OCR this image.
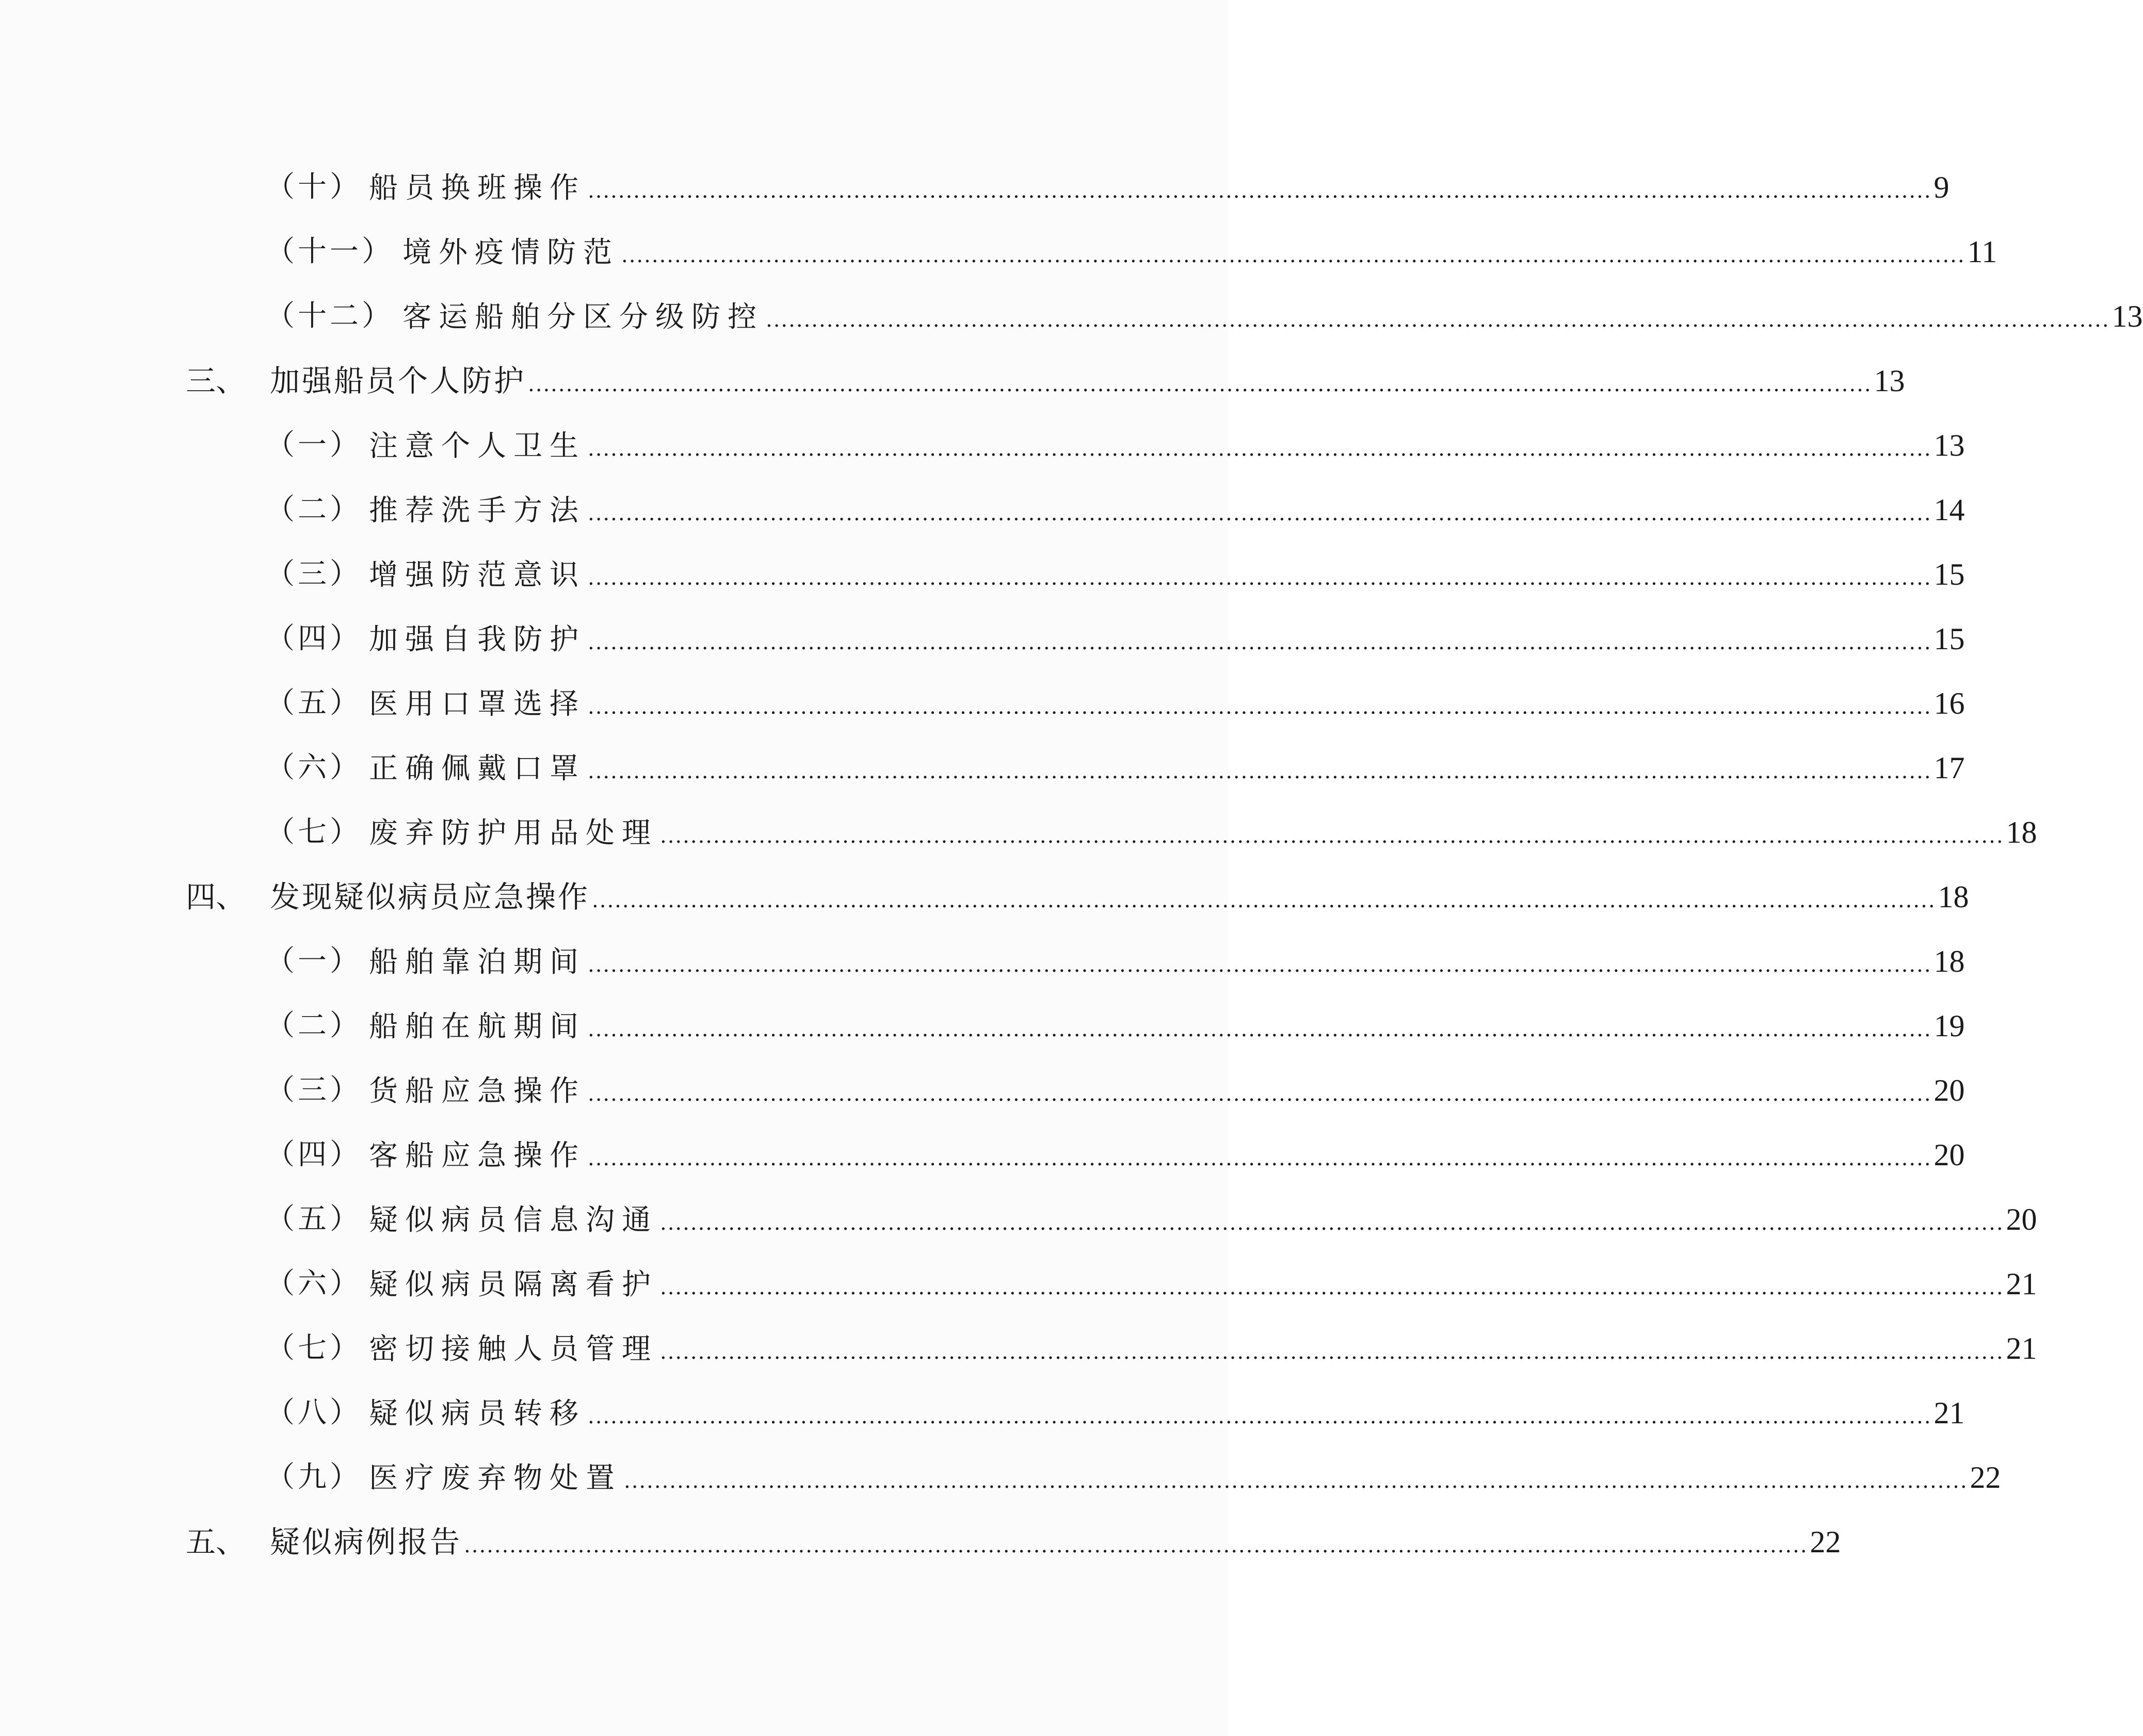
（十） 船员换班操作 ................................................................................................................................................................................. 9
（十一） 境外疫情防范 ................................................................................................................................................................................. 11
（十二） 客运船舶分区分级防控 ................................................................................................................................................................................. 13
三、 加强船员个人防护 ................................................................................................................................................................................. 13
（一） 注意个人卫生 ................................................................................................................................................................................. 13
（二） 推荐洗手方法 ................................................................................................................................................................................. 14
（三） 增强防范意识 ................................................................................................................................................................................. 15
（四） 加强自我防护 ................................................................................................................................................................................. 15
（五） 医用口罩选择 ................................................................................................................................................................................. 16
（六） 正确佩戴口罩 ................................................................................................................................................................................. 17
（七） 废弃防护用品处理 ................................................................................................................................................................................. 18
四、 发现疑似病员应急操作 ................................................................................................................................................................................. 18
（一） 船舶靠泊期间 ................................................................................................................................................................................. 18
（二） 船舶在航期间 ................................................................................................................................................................................. 19
（三） 货船应急操作 ................................................................................................................................................................................. 20
（四） 客船应急操作 ................................................................................................................................................................................. 20
（五） 疑似病员信息沟通 ................................................................................................................................................................................. 20
（六） 疑似病员隔离看护 ................................................................................................................................................................................. 21
（七） 密切接触人员管理 ................................................................................................................................................................................. 21
（八） 疑似病员转移 ................................................................................................................................................................................. 21
（九） 医疗废弃物处置 ................................................................................................................................................................................. 22
五、 疑似病例报告 ................................................................................................................................................................................. 22
